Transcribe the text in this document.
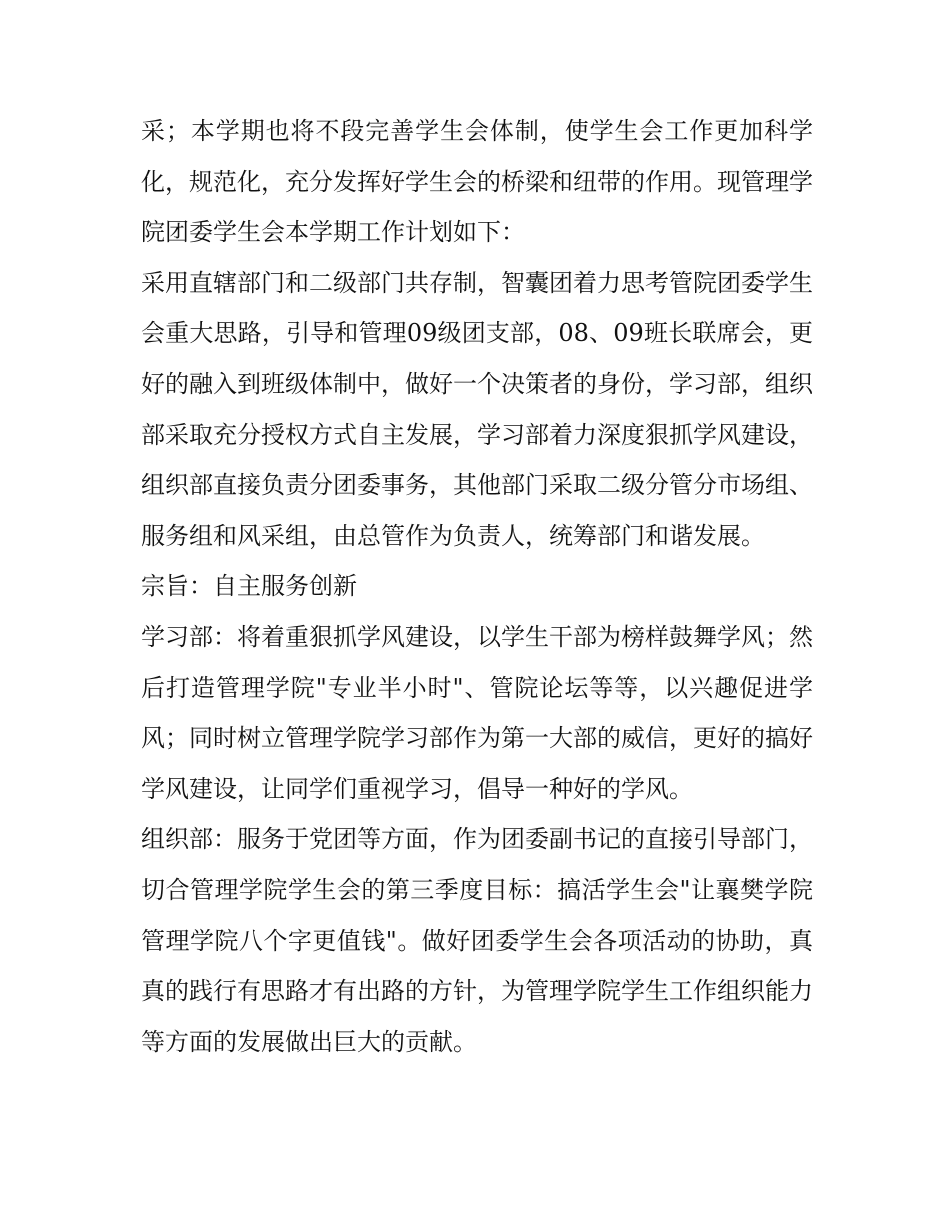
采；本学期也将不段完善学生会体制，使学生会工作更加科学化，规范化，充分发挥好学生会的桥梁和纽带的作用。现管理学院团委学生会本学期工作计划如下：

采用直辖部门和二级部门共存制，智囊团着力思考管院团委学生会重大思路，引导和管理09级团支部，08、09班长联席会，更好的融入到班级体制中，做好一个决策者的身份，学习部，组织部采取充分授权方式自主发展，学习部着力深度狠抓学风建设，组织部直接负责分团委事务，其他部门采取二级分管分市场组、服务组和风采组，由总管作为负责人，统筹部门和谐发展。

宗旨：自主服务创新

学习部：将着重狠抓学风建设，以学生干部为榜样鼓舞学风；然后打造管理学院"专业半小时"、管院论坛等等，以兴趣促进学风；同时树立管理学院学习部作为第一大部的威信，更好的搞好学风建设，让同学们重视学习，倡导一种好的学风。

组织部：服务于党团等方面，作为团委副书记的直接引导部门，切合管理学院学生会的第三季度目标：搞活学生会"让襄樊学院管理学院八个字更值钱"。做好团委学生会各项活动的协助，真真的践行有思路才有出路的方针，为管理学院学生工作组织能力等方面的发展做出巨大的贡献。
